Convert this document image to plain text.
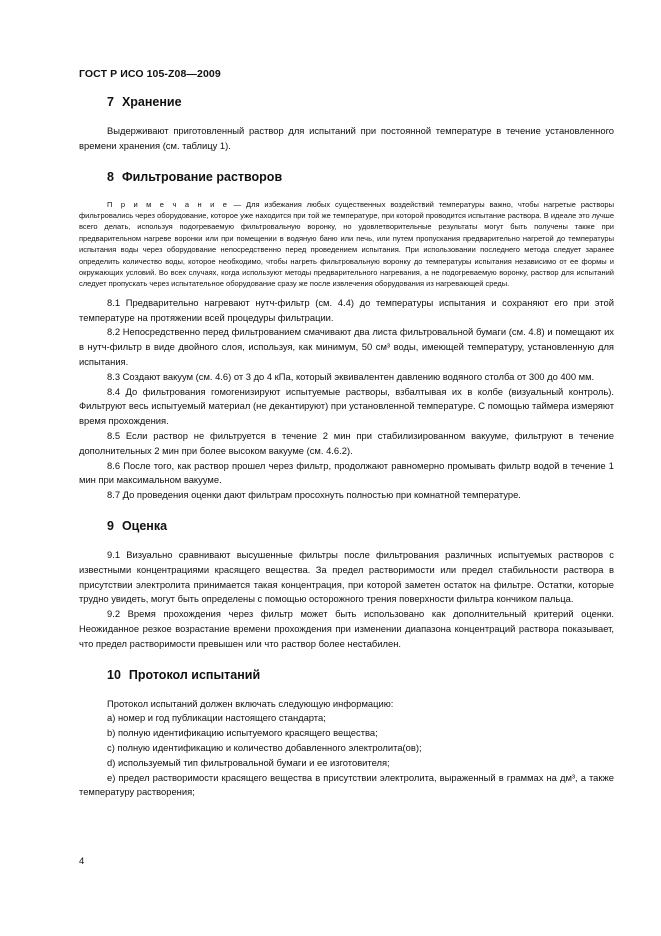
ГОСТ Р ИСО 105-Z08—2009
7 Хранение

Выдерживают приготовленный раствор для испытаний при постоянной температуре в течение установленного времени хранения (см. таблицу 1).

8 Фильтрование растворов

П р и м е ч а н и е — Для избежания любых существенных воздействий температуры важно, чтобы нагретые растворы фильтровались через оборудование, которое уже находится при той же температуре, при которой проводится испытание раствора. В идеале это лучше всего делать, используя подогреваемую фильтровальную воронку, но удовлетворительные результаты могут быть получены также при предварительном нагреве воронки или при помещении в водяную баню или печь, или путем пропускания предварительно нагретой до температуры испытания воды через оборудование непосредственно перед проведением испытания. При использовании последнего метода следует заранее определить количество воды, которое необходимо, чтобы нагреть фильтровальную воронку до температуры испытания независимо от ее формы и окружающих условий. Во всех случаях, когда используют методы предварительного нагревания, а не подогреваемую воронку, раствор для испытаний следует пропускать через испытательное оборудование сразу же после извлечения оборудования из нагревающей среды.

8.1 Предварительно нагревают нутч-фильтр (см. 4.4) до температуры испытания и сохраняют его при этой температуре на протяжении всей процедуры фильтрации.

8.2 Непосредственно перед фильтрованием смачивают два листа фильтровальной бумаги (см. 4.8) и помещают их в нутч-фильтр в виде двойного слоя, используя, как минимум, 50 см³ воды, имеющей температуру, установленную для испытания.

8.3 Создают вакуум (см. 4.6) от 3 до 4 кПа, который эквивалентен давлению водяного столба от 300 до 400 мм.

8.4 До фильтрования гомогенизируют испытуемые растворы, взбалтывая их в колбе (визуальный контроль). Фильтруют весь испытуемый материал (не декантируют) при установленной температуре. С помощью таймера измеряют время прохождения.

8.5 Если раствор не фильтруется в течение 2 мин при стабилизированном вакууме, фильтруют в течение дополнительных 2 мин при более высоком вакууме (см. 4.6.2).

8.6 После того, как раствор прошел через фильтр, продолжают равномерно промывать фильтр водой в течение 1 мин при максимальном вакууме.

8.7 До проведения оценки дают фильтрам просохнуть полностью при комнатной температуре.

9 Оценка

9.1 Визуально сравнивают высушенные фильтры после фильтрования различных испытуемых растворов с известными концентрациями красящего вещества. За предел растворимости или предел стабильности раствора в присутствии электролита принимается такая концентрация, при которой заметен остаток на фильтре. Остатки, которые трудно увидеть, могут быть определены с помощью осторожного трения поверхности фильтра кончиком пальца.

9.2 Время прохождения через фильтр может быть использовано как дополнительный критерий оценки. Неожиданное резкое возрастание времени прохождения при изменении диапазона концентраций раствора показывает, что предел растворимости превышен или что раствор более нестабилен.

10 Протокол испытаний

Протокол испытаний должен включать следующую информацию:

а) номер и год публикации настоящего стандарта;

b) полную идентификацию испытуемого красящего вещества;

с) полную идентификацию и количество добавленного электролита(ов);

d) используемый тип фильтровальной бумаги и ее изготовителя;

е) предел растворимости красящего вещества в присутствии электролита, выраженный в граммах на дм³, а также температуру растворения;

4
